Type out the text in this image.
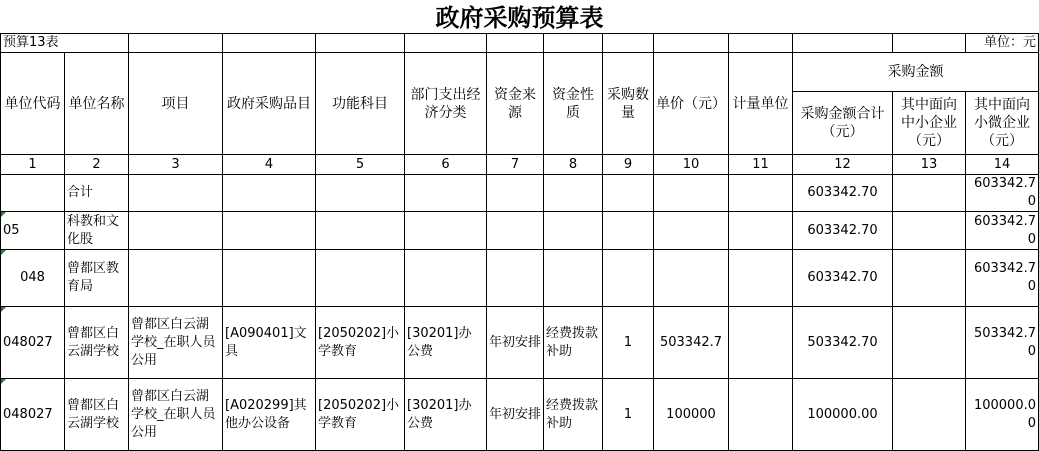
政府采购预算表
预算13表													单位：元
单位代码	单位名称	项目	政府采购品目	功能科目	部门支出经济分类	资金来源	资金性质	采购数量	单价（元）	计量单位	采购金额		
											采购金额合计（元）	其中面向中小企业（元）	其中面向小微企业（元）
1	2	3	4	5	6	7	8	9	10	11	12	13	14
	合计										603342.70		603342.70
05	科教和文化股										603342.70		603342.70
048	曾都区教育局										603342.70		603342.70
048027	曾都区白云湖学校	曾都区白云湖学校_在职人员公用	[A090401]文具	[2050202]小学教育	[30201]办公费	年初安排	经费拨款补助	1	503342.7		503342.70		503342.70
048027	曾都区白云湖学校	曾都区白云湖学校_在职人员公用	[A020299]其他办公设备	[2050202]小学教育	[30201]办公费	年初安排	经费拨款补助	1	100000		100000.00		100000.00
